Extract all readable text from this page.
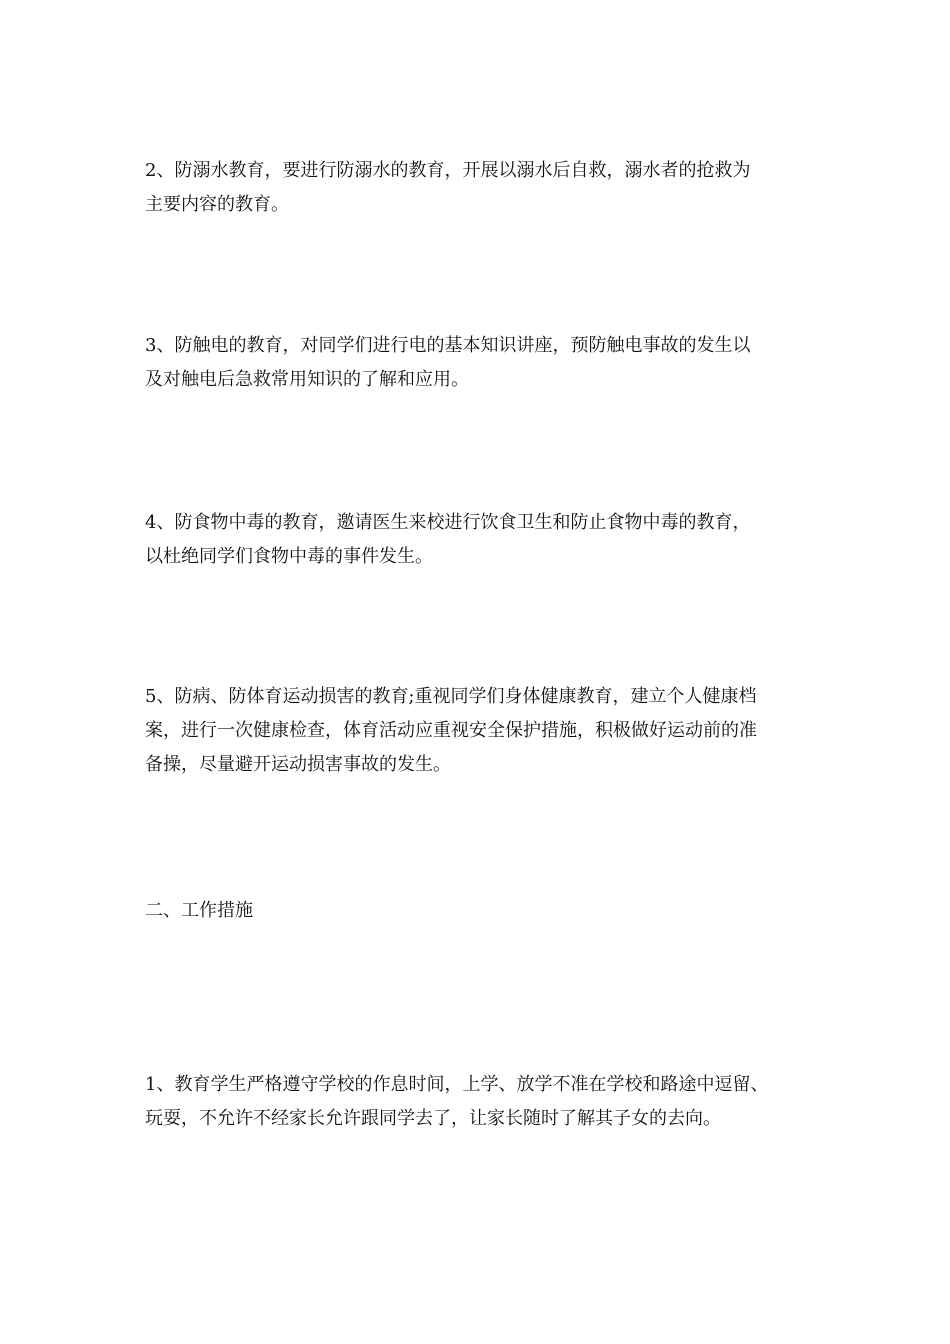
2、防溺水教育，要进行防溺水的教育，开展以溺水后自救，溺水者的抢救为
主要内容的教育。

3、防触电的教育，对同学们进行电的基本知识讲座，预防触电事故的发生以
及对触电后急救常用知识的了解和应用。

4、防食物中毒的教育，邀请医生来校进行饮食卫生和防止食物中毒的教育，
以杜绝同学们食物中毒的事件发生。

5、防病、防体育运动损害的教育;重视同学们身体健康教育，建立个人健康档
案，进行一次健康检查，体育活动应重视安全保护措施，积极做好运动前的准
备操，尽量避开运动损害事故的发生。

二、工作措施

1、教育学生严格遵守学校的作息时间，上学、放学不准在学校和路途中逗留、
玩耍，不允许不经家长允许跟同学去了，让家长随时了解其子女的去向。
